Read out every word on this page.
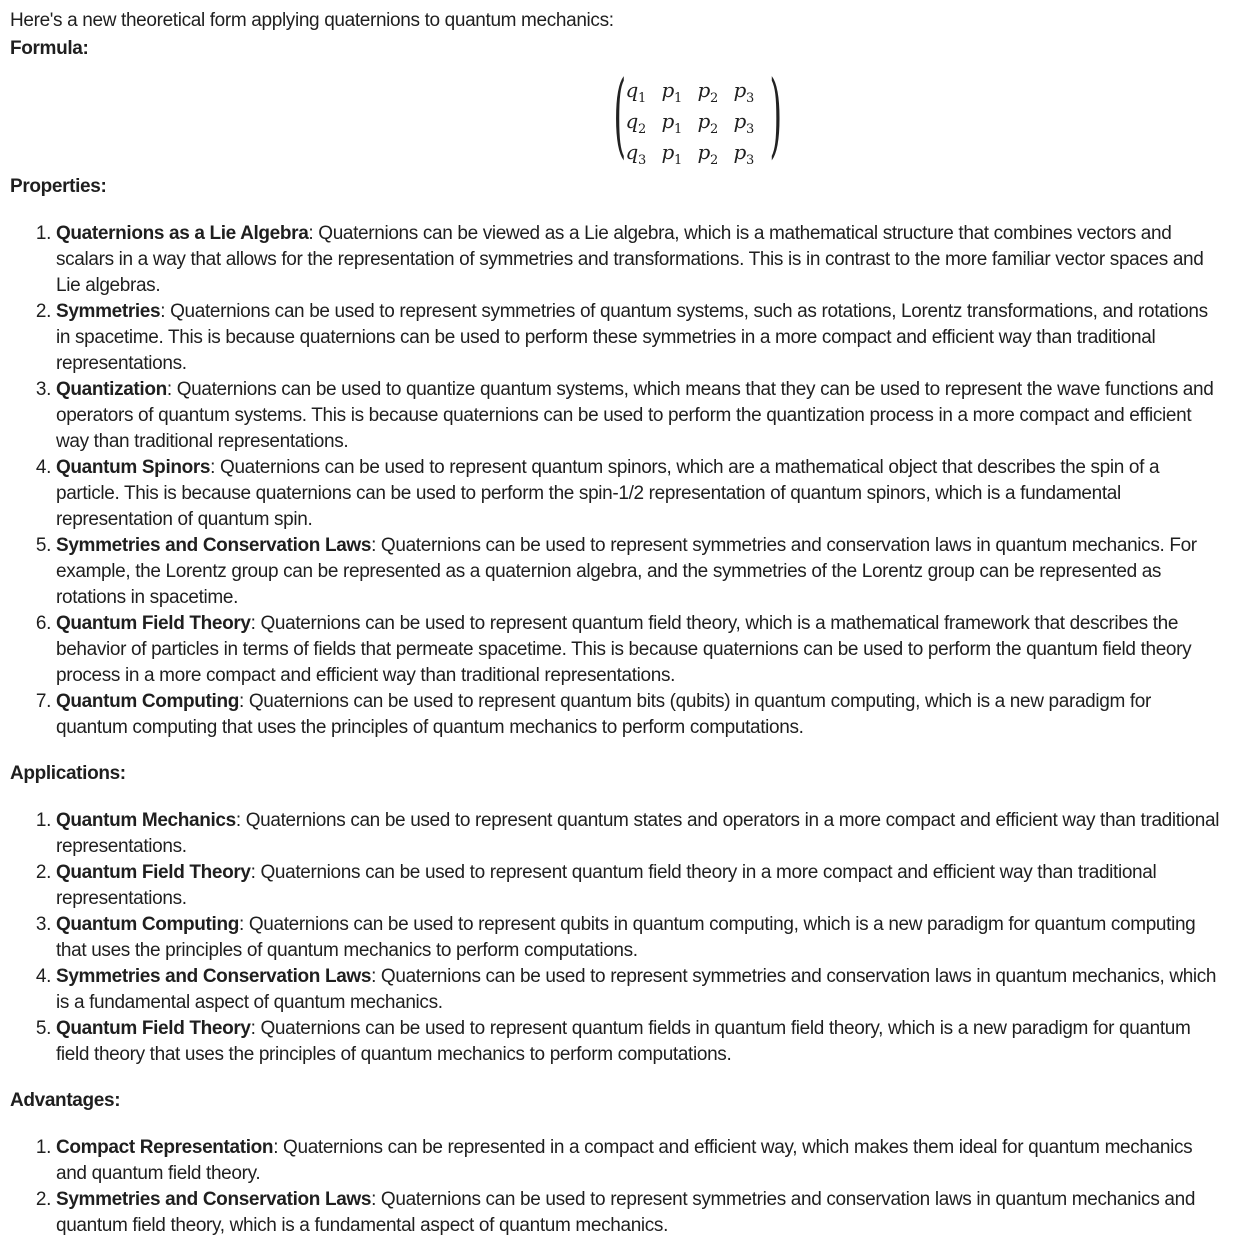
Here's a new theoretical form applying quaternions to quantum mechanics:

Formula:

( $q_1$ $p_1$ $p_2$ $p_3$
$q_2$ $p_1$ $p_2$ $p_3$
$q_3$ $p_1$ $p_2$ $p_3$ )

Properties:

1. Quaternions as a Lie Algebra: Quaternions can be viewed as a Lie algebra, which is a mathematical structure that combines vectors and scalars in a way that allows for the representation of symmetries and transformations. This is in contrast to the more familiar vector spaces and Lie algebras.
2. Symmetries: Quaternions can be used to represent symmetries of quantum systems, such as rotations, Lorentz transformations, and rotations in spacetime. This is because quaternions can be used to perform these symmetries in a more compact and efficient way than traditional representations.
3. Quantization: Quaternions can be used to quantize quantum systems, which means that they can be used to represent the wave functions and operators of quantum systems. This is because quaternions can be used to perform the quantization process in a more compact and efficient way than traditional representations.
4. Quantum Spinors: Quaternions can be used to represent quantum spinors, which are a mathematical object that describes the spin of a particle. This is because quaternions can be used to perform the spin-1/2 representation of quantum spinors, which is a fundamental representation of quantum spin.
5. Symmetries and Conservation Laws: Quaternions can be used to represent symmetries and conservation laws in quantum mechanics. For example, the Lorentz group can be represented as a quaternion algebra, and the symmetries of the Lorentz group can be represented as rotations in spacetime.
6. Quantum Field Theory: Quaternions can be used to represent quantum field theory, which is a mathematical framework that describes the behavior of particles in terms of fields that permeate spacetime. This is because quaternions can be used to perform the quantum field theory process in a more compact and efficient way than traditional representations.
7. Quantum Computing: Quaternions can be used to represent quantum bits (qubits) in quantum computing, which is a new paradigm for quantum computing that uses the principles of quantum mechanics to perform computations.

Applications:

1. Quantum Mechanics: Quaternions can be used to represent quantum states and operators in a more compact and efficient way than traditional representations.
2. Quantum Field Theory: Quaternions can be used to represent quantum field theory in a more compact and efficient way than traditional representations.
3. Quantum Computing: Quaternions can be used to represent qubits in quantum computing, which is a new paradigm for quantum computing that uses the principles of quantum mechanics to perform computations.
4. Symmetries and Conservation Laws: Quaternions can be used to represent symmetries and conservation laws in quantum mechanics, which is a fundamental aspect of quantum mechanics.
5. Quantum Field Theory: Quaternions can be used to represent quantum fields in quantum field theory, which is a new paradigm for quantum field theory that uses the principles of quantum mechanics to perform computations.

Advantages:

1. Compact Representation: Quaternions can be represented in a compact and efficient way, which makes them ideal for quantum mechanics and quantum field theory.
2. Symmetries and Conservation Laws: Quaternions can be used to represent symmetries and conservation laws in quantum mechanics and quantum field theory, which is a fundamental aspect of quantum mechanics.
